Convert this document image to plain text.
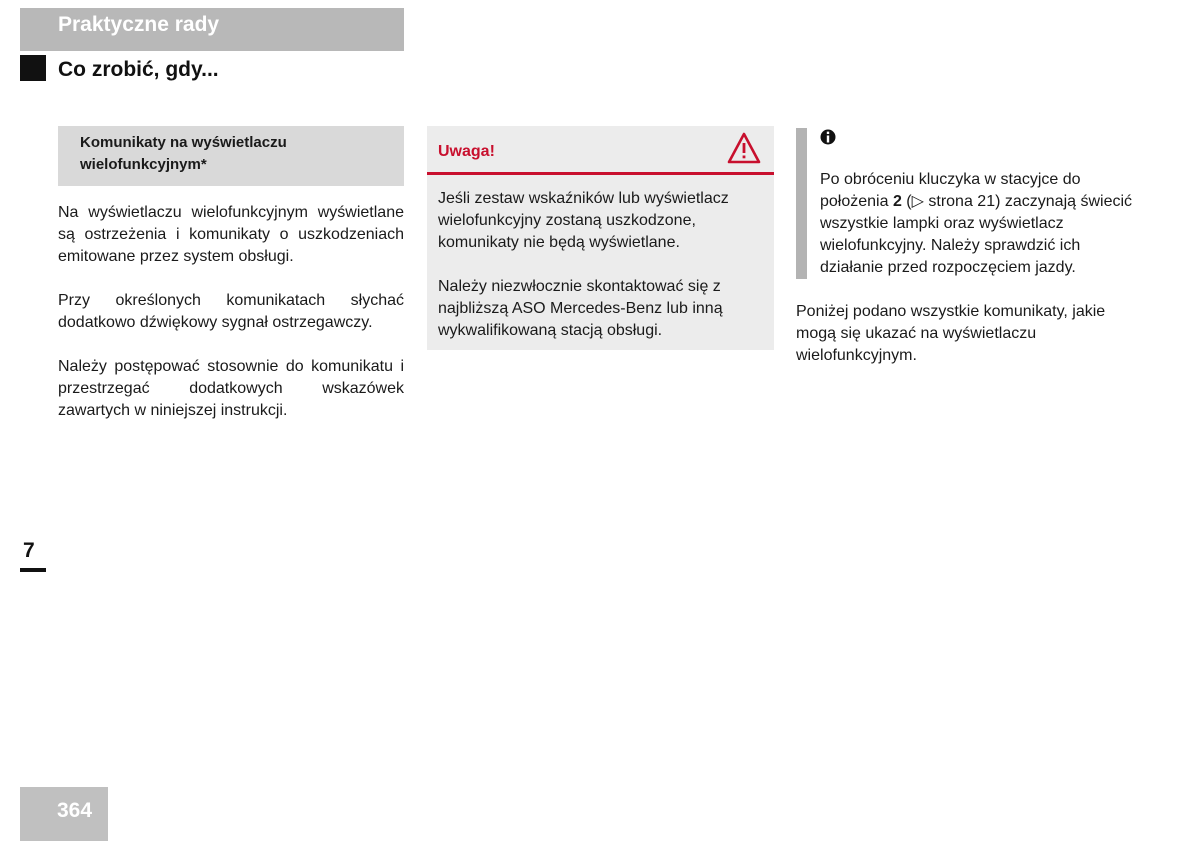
Praktyczne rady
Co zrobić, gdy...
Komunikaty na wyświetlaczu
wielofunkcyjnym*

Na wyświetlaczu wielofunkcyjnym wyświetlane są ostrzeżenia i komunikaty o uszkodzeniach emitowane przez system obsługi.

Przy określonych komunikatach słychać dodatkowo dźwiękowy sygnał ostrzegawczy.

Należy postępować stosownie do komunikatu i przestrzegać dodatkowych wskazówek zawartych w niniejszej instrukcji.

Uwaga!

Jeśli zestaw wskaźników lub wyświetlacz wielofunkcyjny zostaną uszkodzone, komunikaty nie będą wyświetlane.

Należy niezwłocznie skontaktować się z najbliższą ASO Mercedes-Benz lub inną wykwalifikowaną stacją obsługi.

Po obróceniu kluczyka w stacyjce do położenia 2 (▷ strona 21) zaczynają świecić wszystkie lampki oraz wyświetlacz wielofunkcyjny. Należy sprawdzić ich działanie przed rozpoczęciem jazdy.

Poniżej podano wszystkie komunikaty, jakie mogą się ukazać na wyświetlaczu wielofunkcyjnym.

7
364
